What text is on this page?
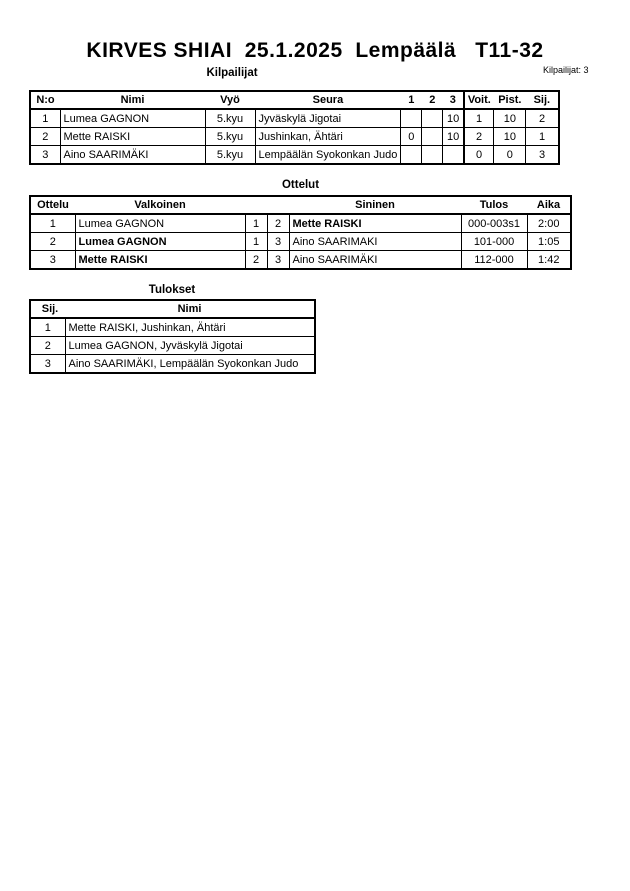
KIRVES SHIAI  25.1.2025  Lempäälä   T11-32
Kilpailijat: 3
Kilpailijat
N:o	Nimi	Vyö	Seura	1	2	3	Voit.	Pist.	Sij.
1	Lumea GAGNON	5.kyu	Jyväskylä Jigotai			10	1	10	2
2	Mette RAISKI	5.kyu	Jushinkan, Ähtäri	0		10	2	10	1
3	Aino SAARIMÄKI	5.kyu	Lempäälän Syokonkan Judo				0	0	3
Ottelut
Ottelu	Valkoinen			Sininen	Tulos	Aika
1	Lumea GAGNON	1	2	Mette RAISKI	000-003s1	2:00
2	Lumea GAGNON	1	3	Aino SAARIMAKI	101-000	1:05
3	Mette RAISKI	2	3	Aino SAARIMÄKI	112-000	1:42
Tulokset
Sij.	Nimi
1	Mette RAISKI, Jushinkan, Ähtäri
2	Lumea GAGNON, Jyväskylä Jigotai
3	Aino SAARIMÄKI, Lempäälän Syokonkan Judo
